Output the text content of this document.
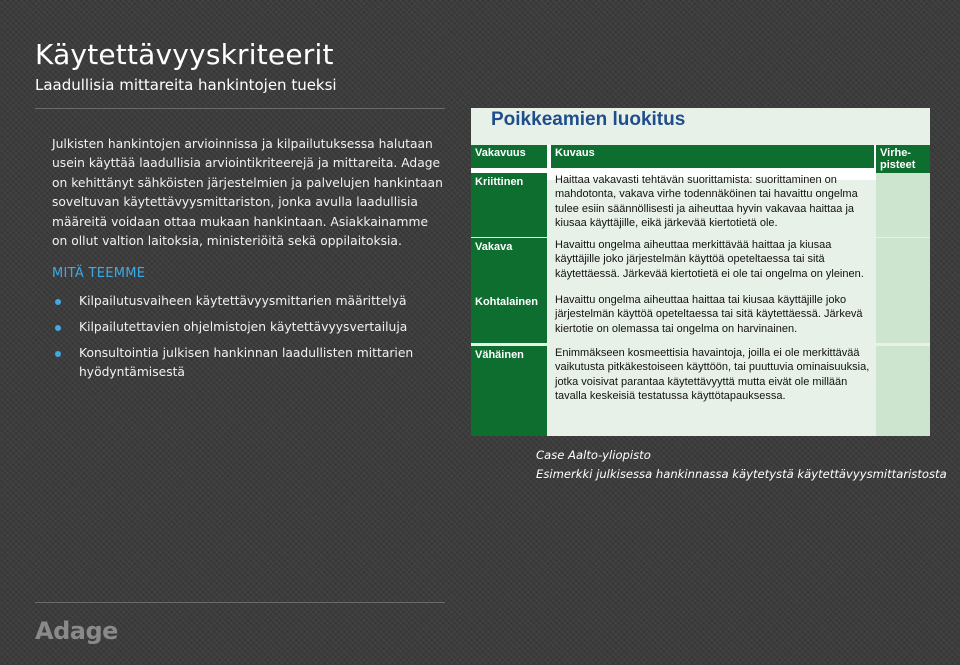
Käytettävyyskriteerit
Laadullisia mittareita hankintojen tueksi
Julkisten hankintojen arvioinnissa ja kilpailutuksessa halutaan usein käyttää laadullisia arviointikriteerejä ja mittareita. Adage on kehittänyt sähköisten järjestelmien ja palvelujen hankintaan soveltuvan käytettävyysmittariston, jonka avulla laadullisia määreitä voidaan ottaa mukaan hankintaan. Asiakkainamme on ollut valtion laitoksia, ministeriöitä sekä oppilaitoksia.
MITÄ TEEMME
Kilpailutusvaiheen käytettävyysmittarien määrittelyä
Kilpailutettavien ohjelmistojen käytettävyysvertailuja
Konsultointia julkisen hankinnan laadullisten mittarien hyödyntämisestä
Poikkeamien luokitus
Vakavuus	Kuvaus	Virhe-
pisteet
Kriittinen	Haittaa vakavasti tehtävän suorittamista: suorittaminen on mahdotonta, vakava virhe todennäköinen tai havaittu ongelma tulee esiin säännöllisesti ja aiheuttaa hyvin vakavaa haittaa ja kiusaa käyttäjille, eikä järkevää kiertotietä ole.
Vakava	Havaittu ongelma aiheuttaa merkittävää haittaa ja kiusaa käyttäjille joko järjestelmän käyttöä opeteltaessa tai sitä käytettäessä. Järkevää kiertotietä ei ole tai ongelma on yleinen.
Kohtalainen	Havaittu ongelma aiheuttaa haittaa tai kiusaa käyttäjille joko järjestelmän käyttöä opeteltaessa tai sitä käytettäessä. Järkevä kiertotie on olemassa tai ongelma on harvinainen.
Vähäinen	Enimmäkseen kosmeettisia havaintoja, joilla ei ole merkittävää vaikutusta pitkäkestoiseen käyttöön, tai puuttuvia ominaisuuksia, jotka voisivat parantaa käytettävyyttä mutta eivät ole millään tavalla keskeisiä testatussa käyttötapauksessa.
Case Aalto-yliopisto
Esimerkki julkisessa hankinnassa käytetystä käytettävyysmittaristosta
Adage
